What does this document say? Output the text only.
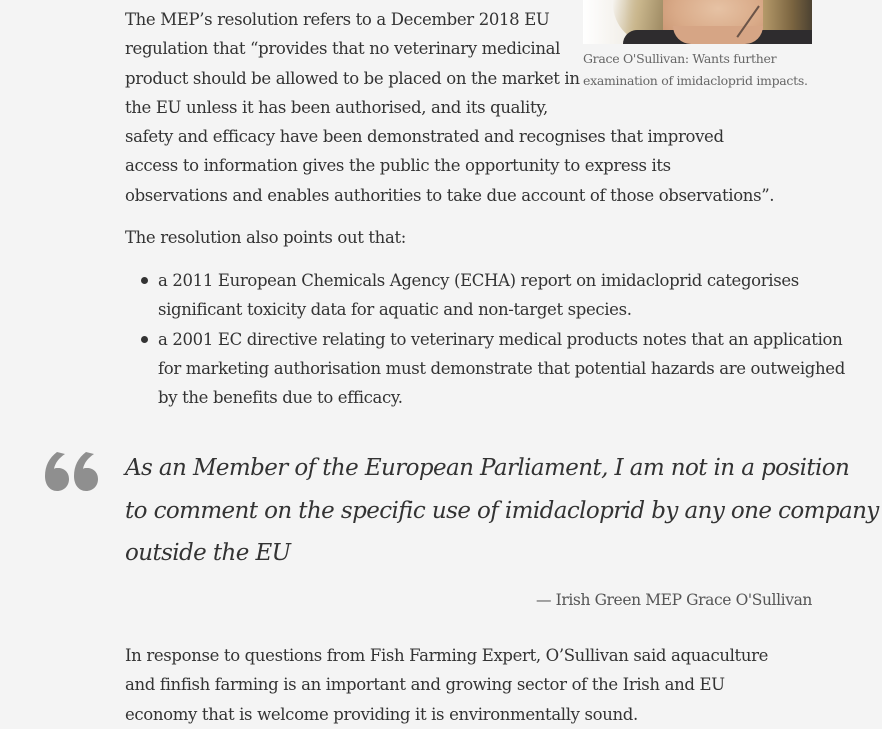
Grace O'Sullivan: Wants further
examination of imidacloprid impacts.

The MEP’s resolution refers to a December 2018 EU
regulation that “provides that no veterinary medicinal
product should be allowed to be placed on the market in
the EU unless it has been authorised, and its quality,
safety and efficacy have been demonstrated and recognises that improved
access to information gives the public the opportunity to express its
observations and enables authorities to take due account of those observations”.

The resolution also points out that:

a 2011 European Chemicals Agency (ECHA) report on imidacloprid categorises
significant toxicity data for aquatic and non-target species.
a 2001 EC directive relating to veterinary medical products notes that an application
for marketing authorisation must demonstrate that potential hazards are outweighed
by the benefits due to efficacy.
As an Member of the European Parliament, I am not in a position
to comment on the specific use of imidacloprid by any one company
outside the EU
— Irish Green MEP Grace O'Sullivan

In response to questions from Fish Farming Expert, O’Sullivan said aquaculture
and finfish farming is an important and growing sector of the Irish and EU
economy that is welcome providing it is environmentally sound.
